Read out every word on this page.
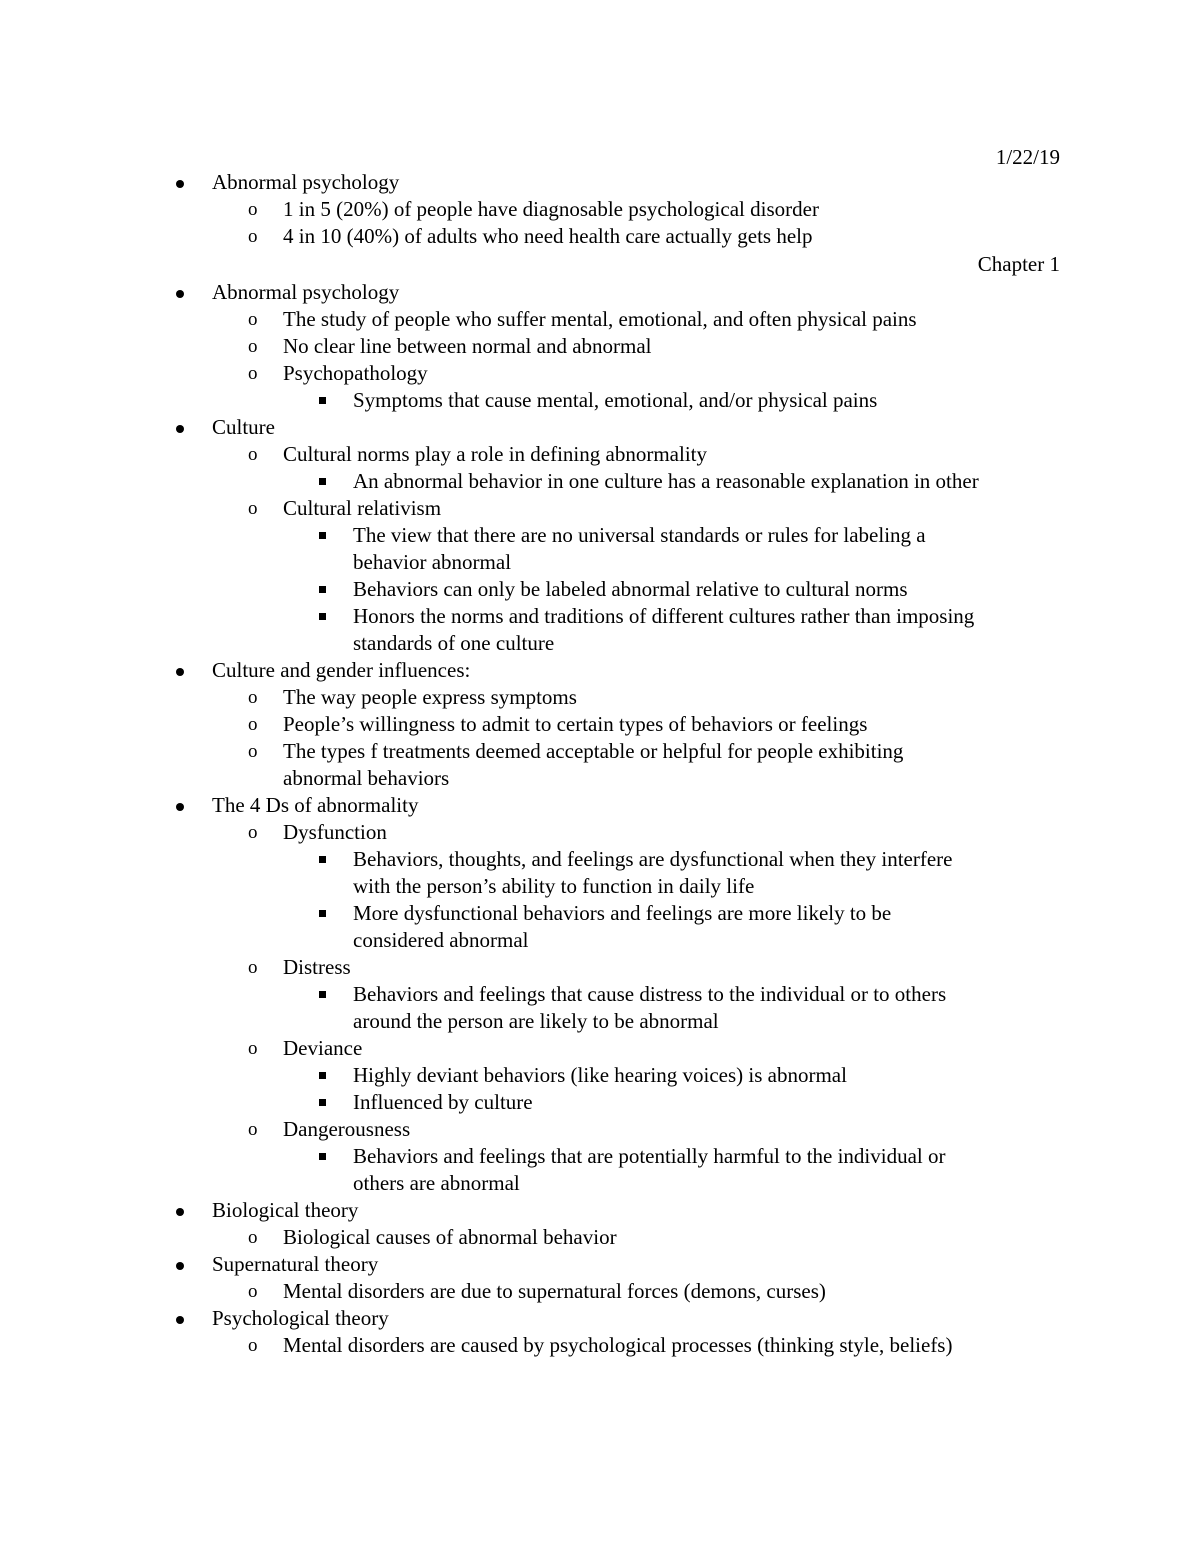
1/22/19
Abnormal psychology
o 1 in 5 (20%) of people have diagnosable psychological disorder
o 4 in 10 (40%) of adults who need health care actually gets help
Chapter 1
Abnormal psychology
o The study of people who suffer mental, emotional, and often physical pains
o No clear line between normal and abnormal
o Psychopathology
Symptoms that cause mental, emotional, and/or physical pains
Culture
o Cultural norms play a role in defining abnormality
An abnormal behavior in one culture has a reasonable explanation in other
o Cultural relativism
The view that there are no universal standards or rules for labeling a
behavior abnormal
Behaviors can only be labeled abnormal relative to cultural norms
Honors the norms and traditions of different cultures rather than imposing
standards of one culture
Culture and gender influences:
o The way people express symptoms
o People’s willingness to admit to certain types of behaviors or feelings
o The types f treatments deemed acceptable or helpful for people exhibiting
abnormal behaviors
The 4 Ds of abnormality
o Dysfunction
Behaviors, thoughts, and feelings are dysfunctional when they interfere
with the person’s ability to function in daily life
More dysfunctional behaviors and feelings are more likely to be
considered abnormal
o Distress
Behaviors and feelings that cause distress to the individual or to others
around the person are likely to be abnormal
o Deviance
Highly deviant behaviors (like hearing voices) is abnormal
Influenced by culture
o Dangerousness
Behaviors and feelings that are potentially harmful to the individual or
others are abnormal
Biological theory
o Biological causes of abnormal behavior
Supernatural theory
o Mental disorders are due to supernatural forces (demons, curses)
Psychological theory
o Mental disorders are caused by psychological processes (thinking style, beliefs)
